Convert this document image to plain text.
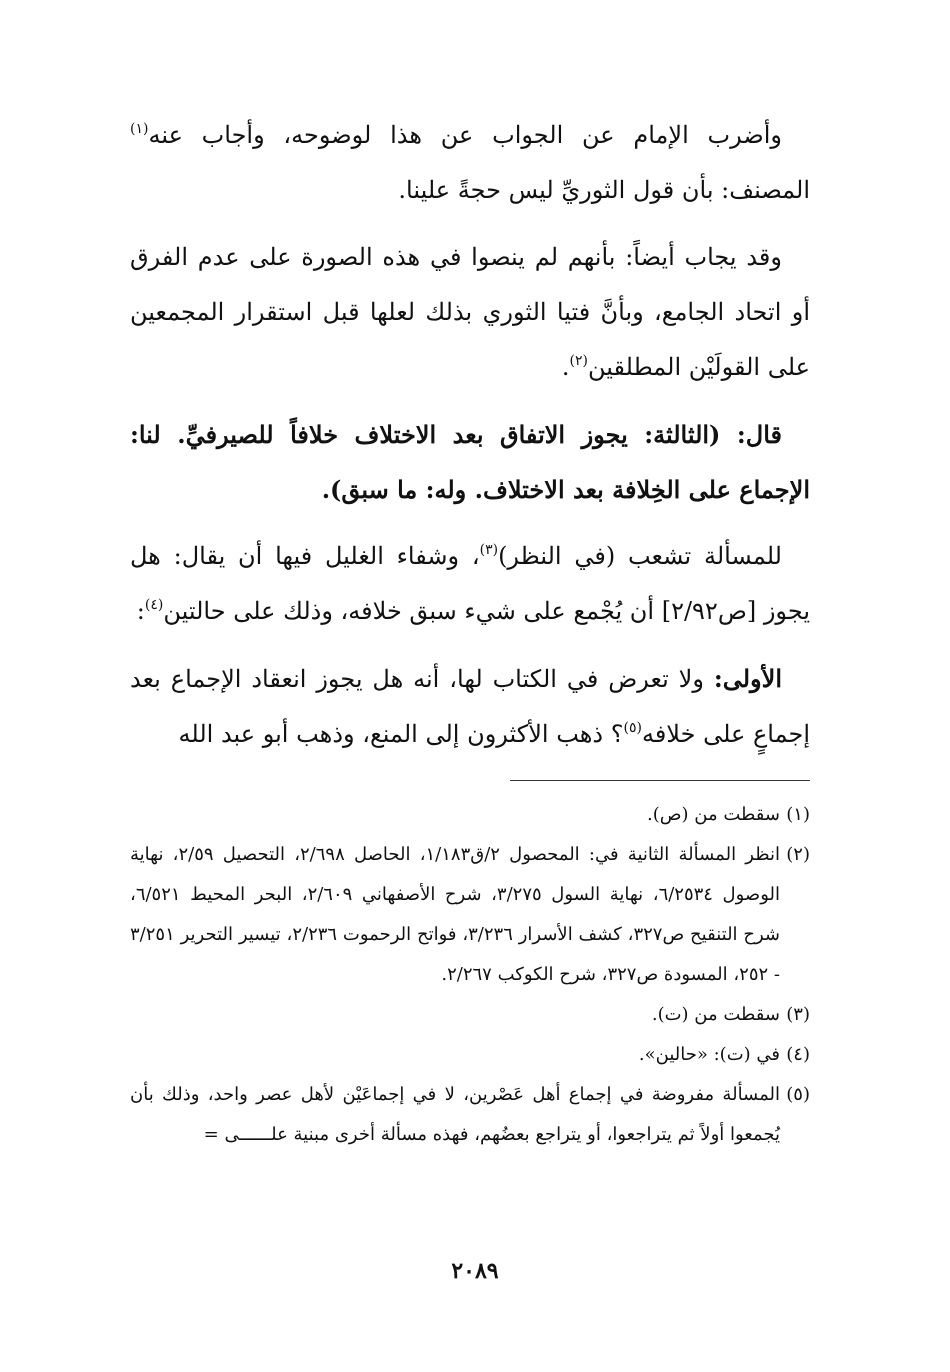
وأضرب الإمام عن الجواب عن هذا لوضوحه، وأجاب عنه$^{(١)}$ المصنف: بأن قول الثوريِّ ليس حجةً علينا.

وقد يجاب أيضاً: بأنهم لم ينصوا في هذه الصورة على عدم الفرق أو اتحاد الجامع، وبأنَّ فتيا الثوري بذلك لعلها قبل استقرار المجمعين على القولَيْن المطلقين$^{(٢)}$.

قال: (الثالثة: يجوز الاتفاق بعد الاختلاف خلافاً للصيرفيِّ. لنا: الإجماع على الخِلافة بعد الاختلاف. وله: ما سبق).

للمسألة تشعب (في النظر)$^{(٣)}$، وشفاء الغليل فيها أن يقال: هل يجوز [ص٢/٩٢] أن يُجْمع على شيء سبق خلافه، وذلك على حالتين$^{(٤)}$:

الأولى: ولا تعرض في الكتاب لها، أنه هل يجوز انعقاد الإجماع بعد إجماعٍ على خلافه$^{(٥)}$؟ ذهب الأكثرون إلى المنع، وذهب أبو عبد الله

(١)
سقطت من (ص).
(٢)
انظر المسألة الثانية في: المحصول ٢/ق١/١٨٣، الحاصل ٢/٦٩٨، التحصيل ٢/٥٩، نهاية الوصول ٦/٢٥٣٤، نهاية السول ٣/٢٧٥، شرح الأصفهاني ٢/٦٠٩، البحر المحيط ٦/٥٢١، شرح التنقيح ص٣٢٧، كشف الأسرار ٣/٢٣٦، فواتح الرحموت ٢/٢٣٦، تيسير التحرير ٣/٢٥١ - ٢٥٢، المسودة ص٣٢٧، شرح الكوكب ٢/٢٦٧.
(٣)
سقطت من (ت).
(٤)
في (ت): «حالين».
(٥)
المسألة مفروضة في إجماع أهل عَصْرين، لا في إجماعَيْن لأهل عصر واحد، وذلك بأن يُجمعوا أولاً ثم يتراجعوا، أو يتراجع بعضُهم، فهذه مسألة أخرى مبنية علــــــى =
٢٠٨٩
